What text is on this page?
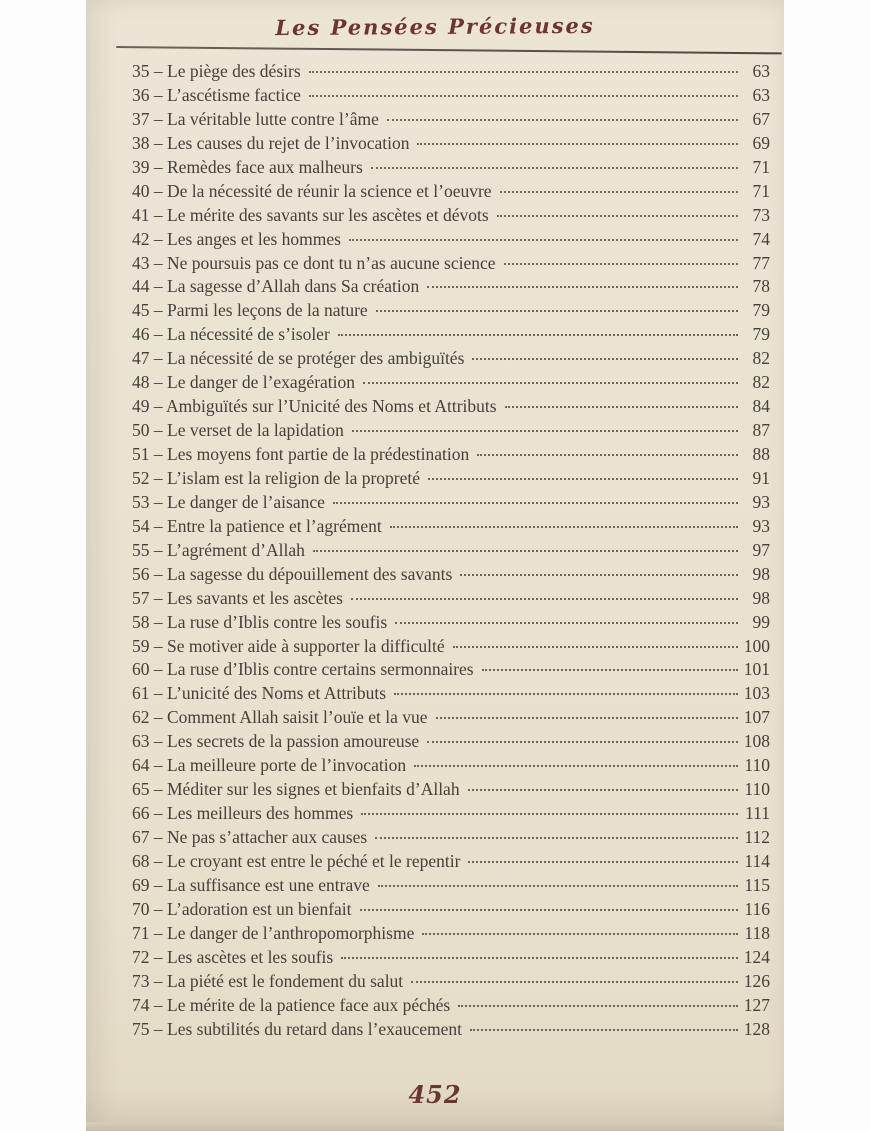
Les Pensées Précieuses
35 – Le piège des désirs	63
36 – L’ascétisme factice	63
37 – La véritable lutte contre l’âme	67
38 – Les causes du rejet de l’invocation	69
39 – Remèdes face aux malheurs	71
40 – De la nécessité de réunir la science et l’oeuvre	71
41 – Le mérite des savants sur les ascètes et dévots	73
42 – Les anges et les hommes	74
43 – Ne poursuis pas ce dont tu n’as aucune science	77
44 – La sagesse d’Allah dans Sa création	78
45 – Parmi les leçons de la nature	79
46 – La nécessité de s’isoler	79
47 – La nécessité de se protéger des ambiguïtés	82
48 – Le danger de l’exagération	82
49 – Ambiguïtés sur l’Unicité des Noms et Attributs	84
50 – Le verset de la lapidation	87
51 – Les moyens font partie de la prédestination	88
52 – L’islam est la religion de la propreté	91
53 – Le danger de l’aisance	93
54 – Entre la patience et l’agrément	93
55 – L’agrément d’Allah	97
56 – La sagesse du dépouillement des savants	98
57 – Les savants et les ascètes	98
58 – La ruse d’Iblis contre les soufis	99
59 – Se motiver aide à supporter la difficulté	100
60 – La ruse d’Iblis contre certains sermonnaires	101
61 – L’unicité des Noms et Attributs	103
62 – Comment Allah saisit l’ouïe et la vue	107
63 – Les secrets de la passion amoureuse	108
64 – La meilleure porte de l’invocation	110
65 – Méditer sur les signes et bienfaits d’Allah	110
66 – Les meilleurs des hommes	111
67 – Ne pas s’attacher aux causes	112
68 – Le croyant est entre le péché et le repentir	114
69 – La suffisance est une entrave	115
70 – L’adoration est un bienfait	116
71 – Le danger de l’anthropomorphisme	118
72 – Les ascètes et les soufis	124
73 – La piété est le fondement du salut	126
74 – Le mérite de la patience face aux péchés	127
75 – Les subtilités du retard dans l’exaucement	128
452
